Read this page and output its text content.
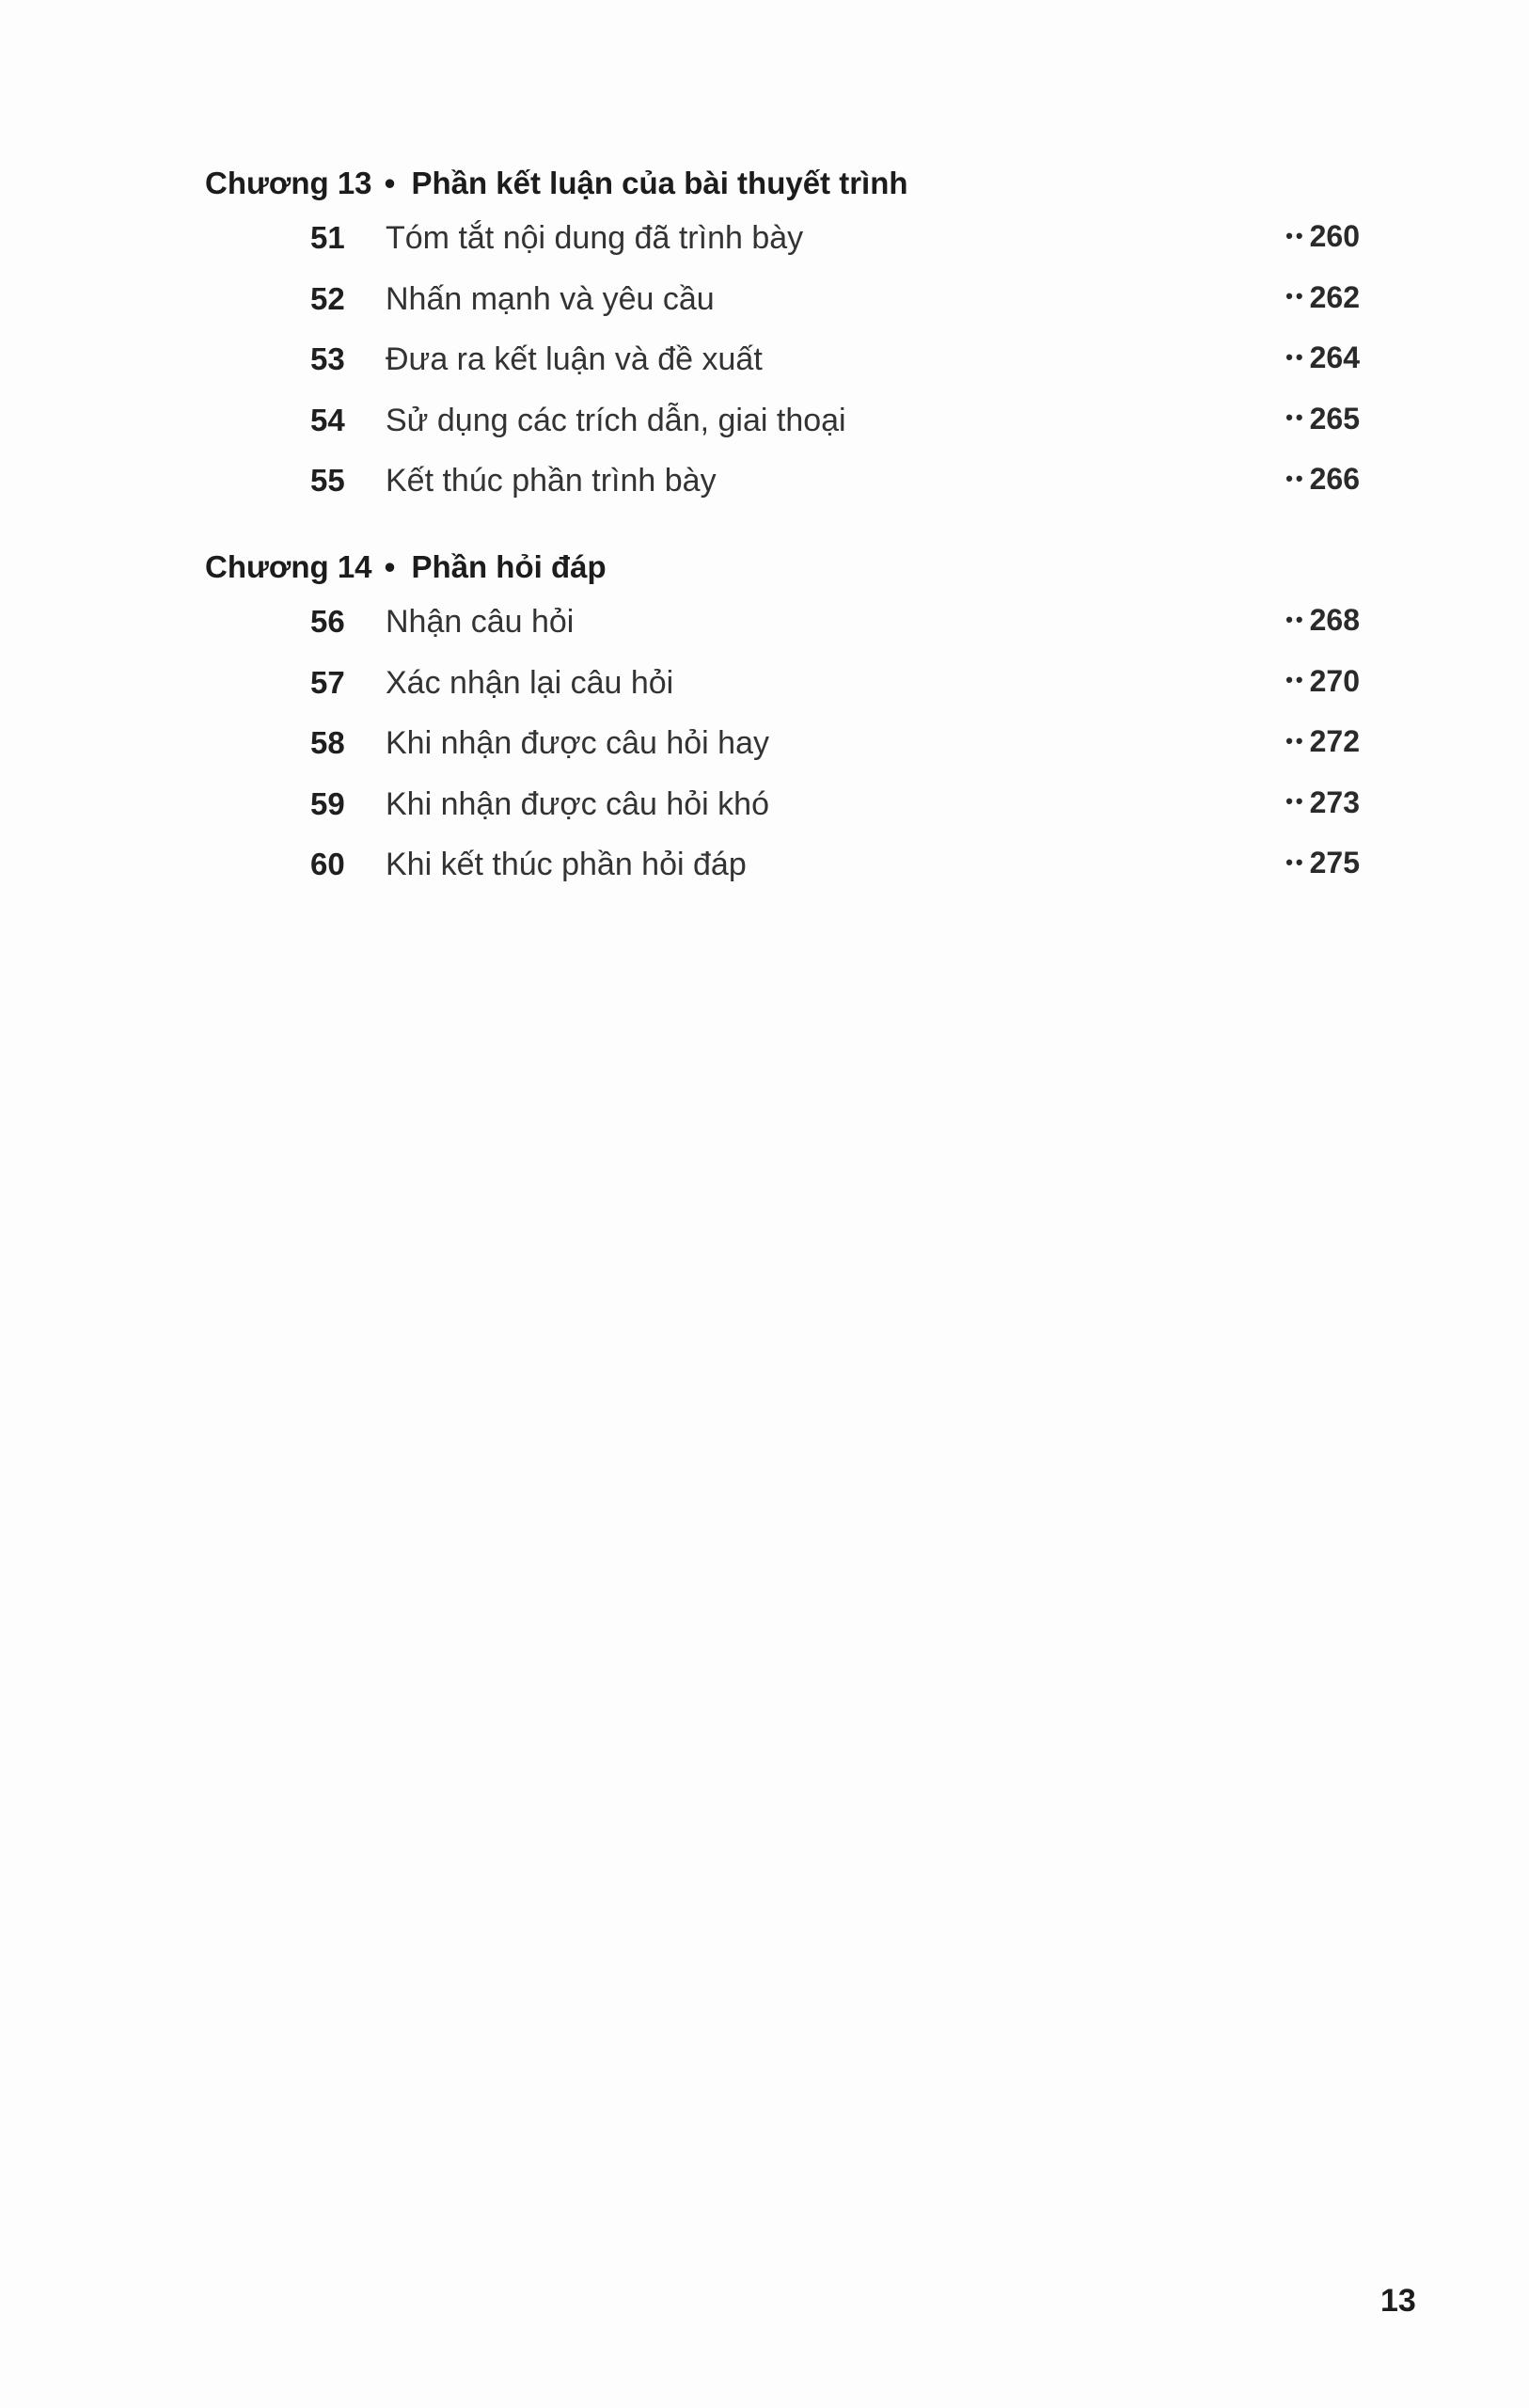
Chương 13 • Phần kết luận của bài thuyết trình
51 Tóm tắt nội dung đã trình bày	•• 260
52 Nhấn mạnh và yêu cầu	•• 262
53 Đưa ra kết luận và đề xuất	•• 264
54 Sử dụng các trích dẫn, giai thoại	•• 265
55 Kết thúc phần trình bày	•• 266
Chương 14 • Phần hỏi đáp
56 Nhận câu hỏi	•• 268
57 Xác nhận lại câu hỏi	•• 270
58 Khi nhận được câu hỏi hay	•• 272
59 Khi nhận được câu hỏi khó	•• 273
60 Khi kết thúc phần hỏi đáp	•• 275
13
